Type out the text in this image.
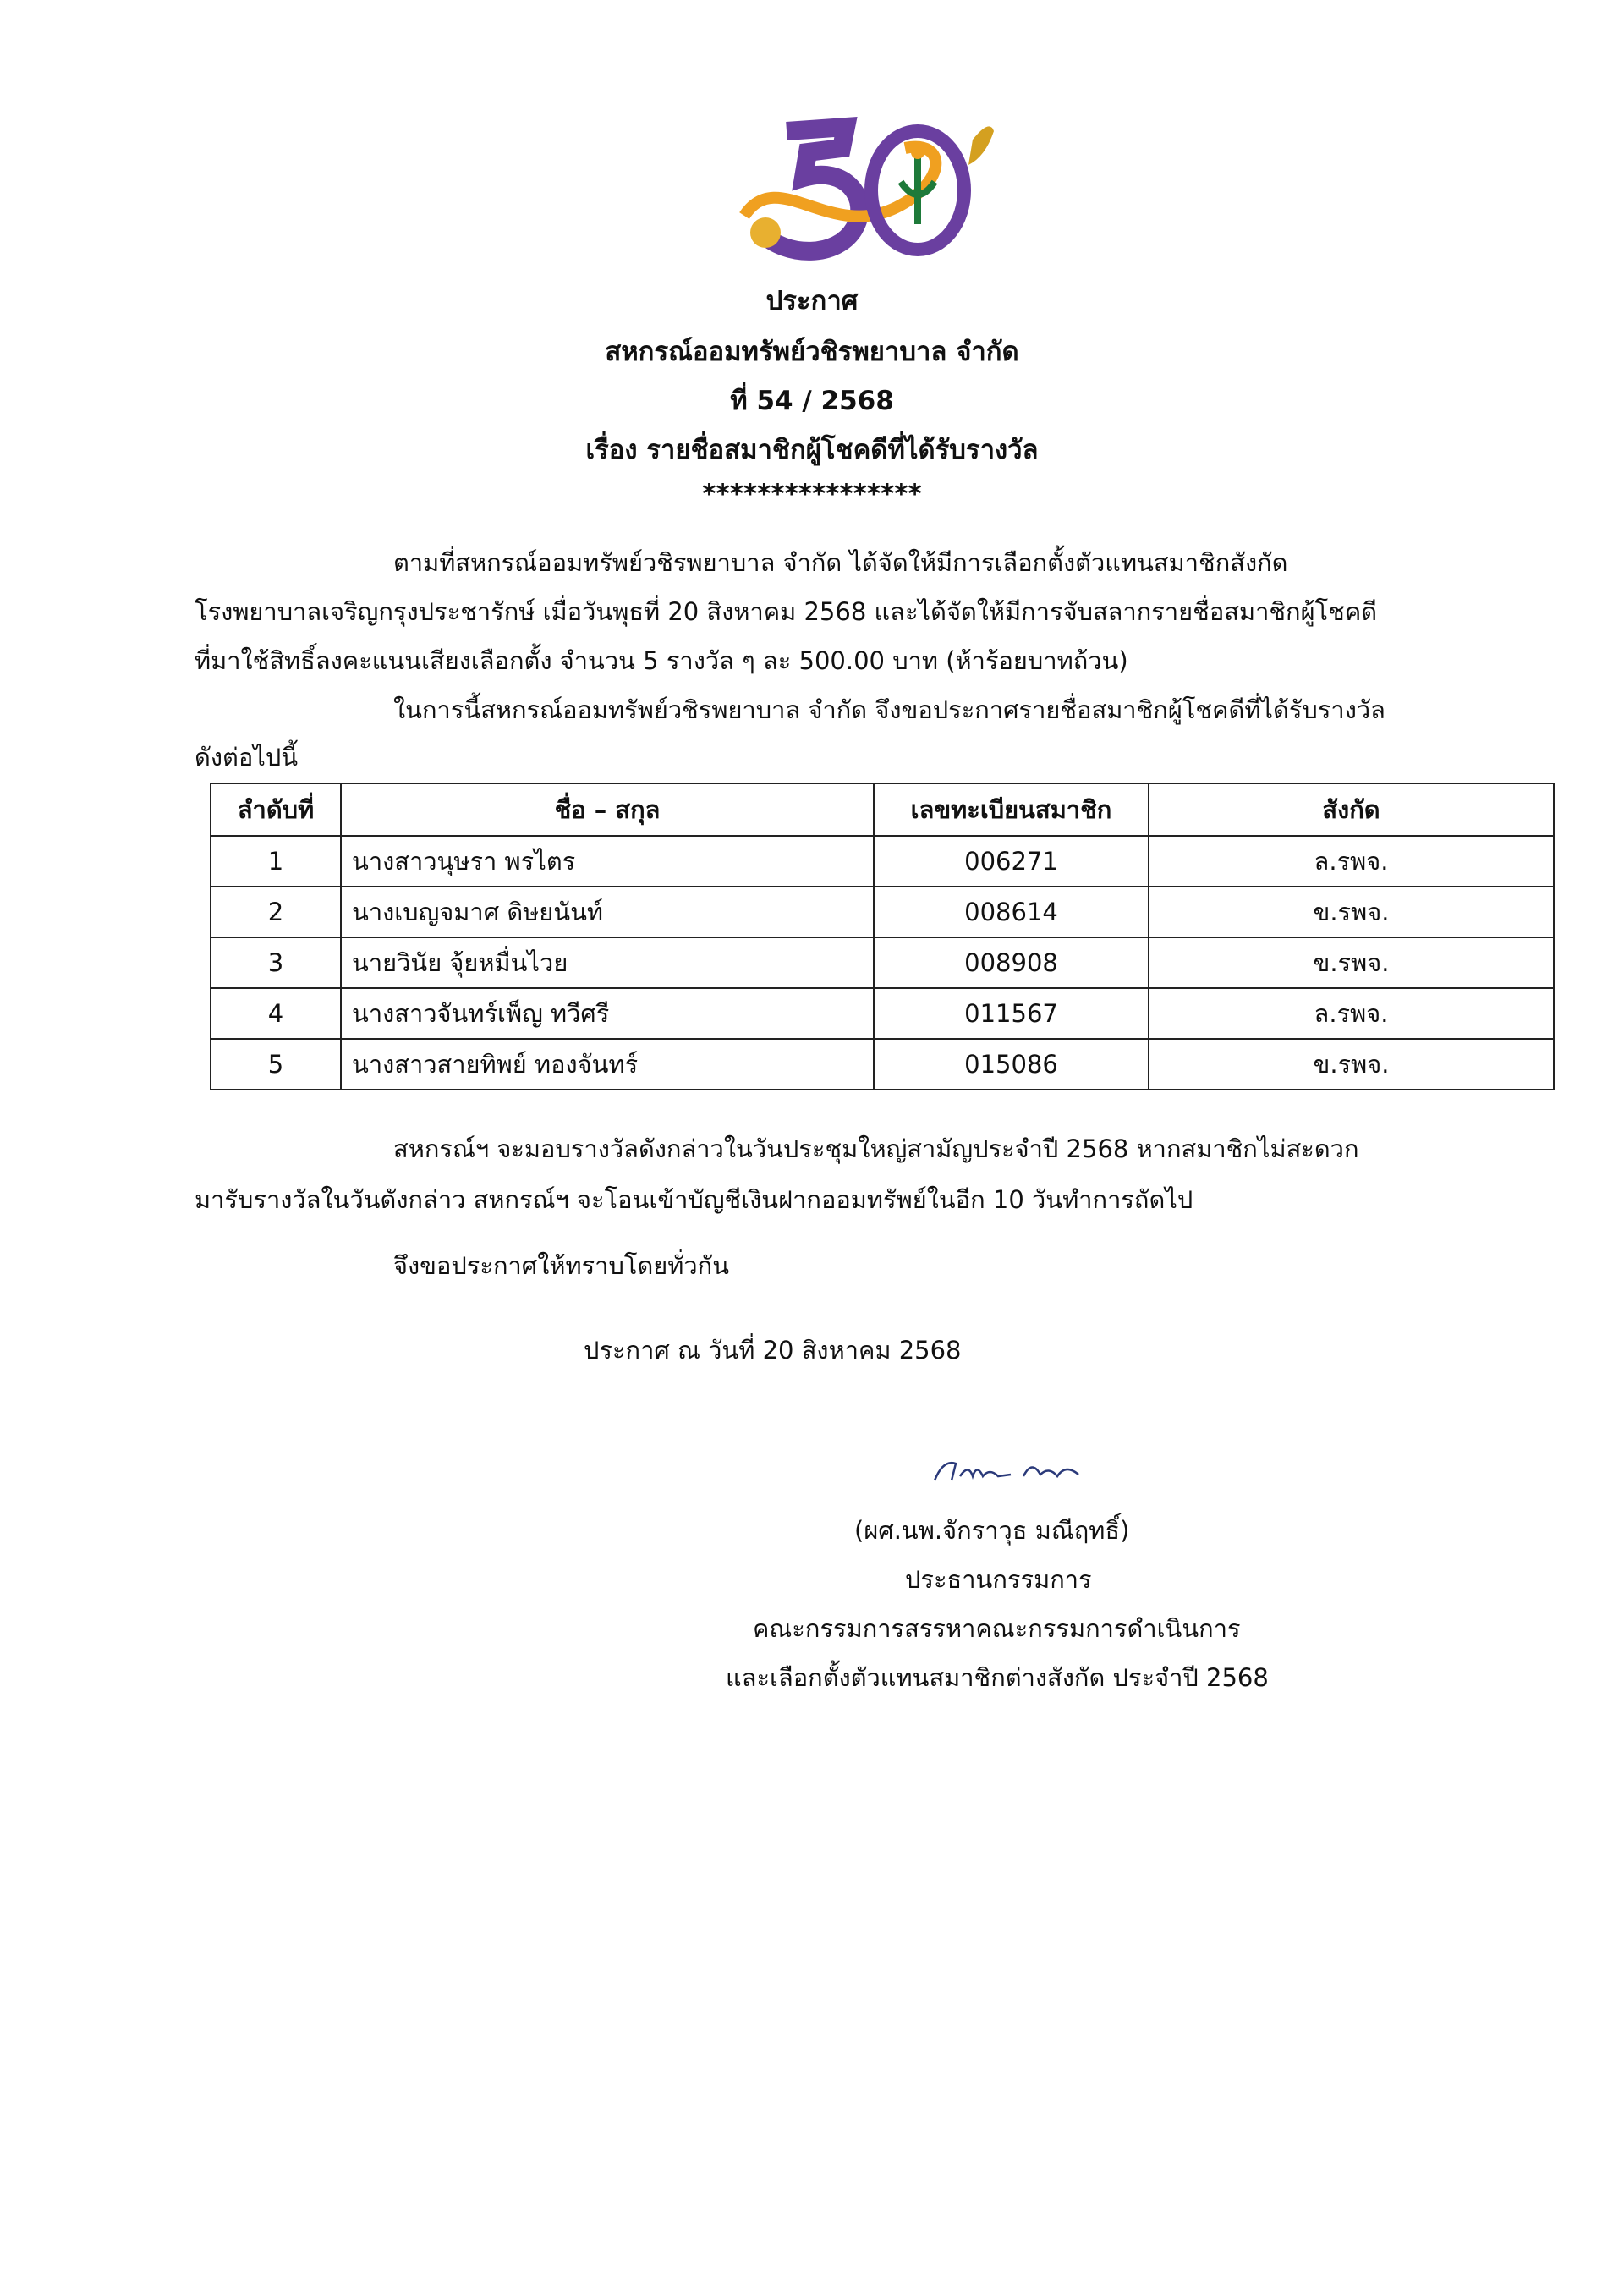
ประกาศ
สหกรณ์ออมทรัพย์วชิรพยาบาล จำกัด
ที่ 54 / 2568
เรื่อง รายชื่อสมาชิกผู้โชคดีที่ได้รับรางวัล
****************
ตามที่สหกรณ์ออมทรัพย์วชิรพยาบาล จำกัด ได้จัดให้มีการเลือกตั้งตัวแทนสมาชิกสังกัด
โรงพยาบาลเจริญกรุงประชารักษ์ เมื่อวันพุธที่ 20 สิงหาคม 2568 และได้จัดให้มีการจับสลากรายชื่อสมาชิกผู้โชคดี
ที่มาใช้สิทธิ์ลงคะแนนเสียงเลือกตั้ง จำนวน 5 รางวัล ๆ ละ 500.00 บาท (ห้าร้อยบาทถ้วน)
ในการนี้สหกรณ์ออมทรัพย์วชิรพยาบาล จำกัด จึงขอประกาศรายชื่อสมาชิกผู้โชคดีที่ได้รับรางวัล
ดังต่อไปนี้
ลำดับที่	ชื่อ – สกุล	เลขทะเบียนสมาชิก	สังกัด
1	นางสาวนุษรา พรไตร	006271	ล.รพจ.
2	นางเบญจมาศ ดิษยนันท์	008614	ข.รพจ.
3	นายวินัย จุ้ยหมื่นไวย	008908	ข.รพจ.
4	นางสาวจันทร์เพ็ญ ทวีศรี	011567	ล.รพจ.
5	นางสาวสายทิพย์ ทองจันทร์	015086	ข.รพจ.
สหกรณ์ฯ จะมอบรางวัลดังกล่าวในวันประชุมใหญ่สามัญประจำปี 2568 หากสมาชิกไม่สะดวก
มารับรางวัลในวันดังกล่าว สหกรณ์ฯ จะโอนเข้าบัญชีเงินฝากออมทรัพย์ในอีก 10 วันทำการถัดไป
จึงขอประกาศให้ทราบโดยทั่วกัน
ประกาศ ณ วันที่ 20 สิงหาคม 2568
(ผศ.นพ.จักราวุธ มณีฤทธิ์)
ประธานกรรมการ
คณะกรรมการสรรหาคณะกรรมการดำเนินการ
และเลือกตั้งตัวแทนสมาชิกต่างสังกัด ประจำปี 2568
